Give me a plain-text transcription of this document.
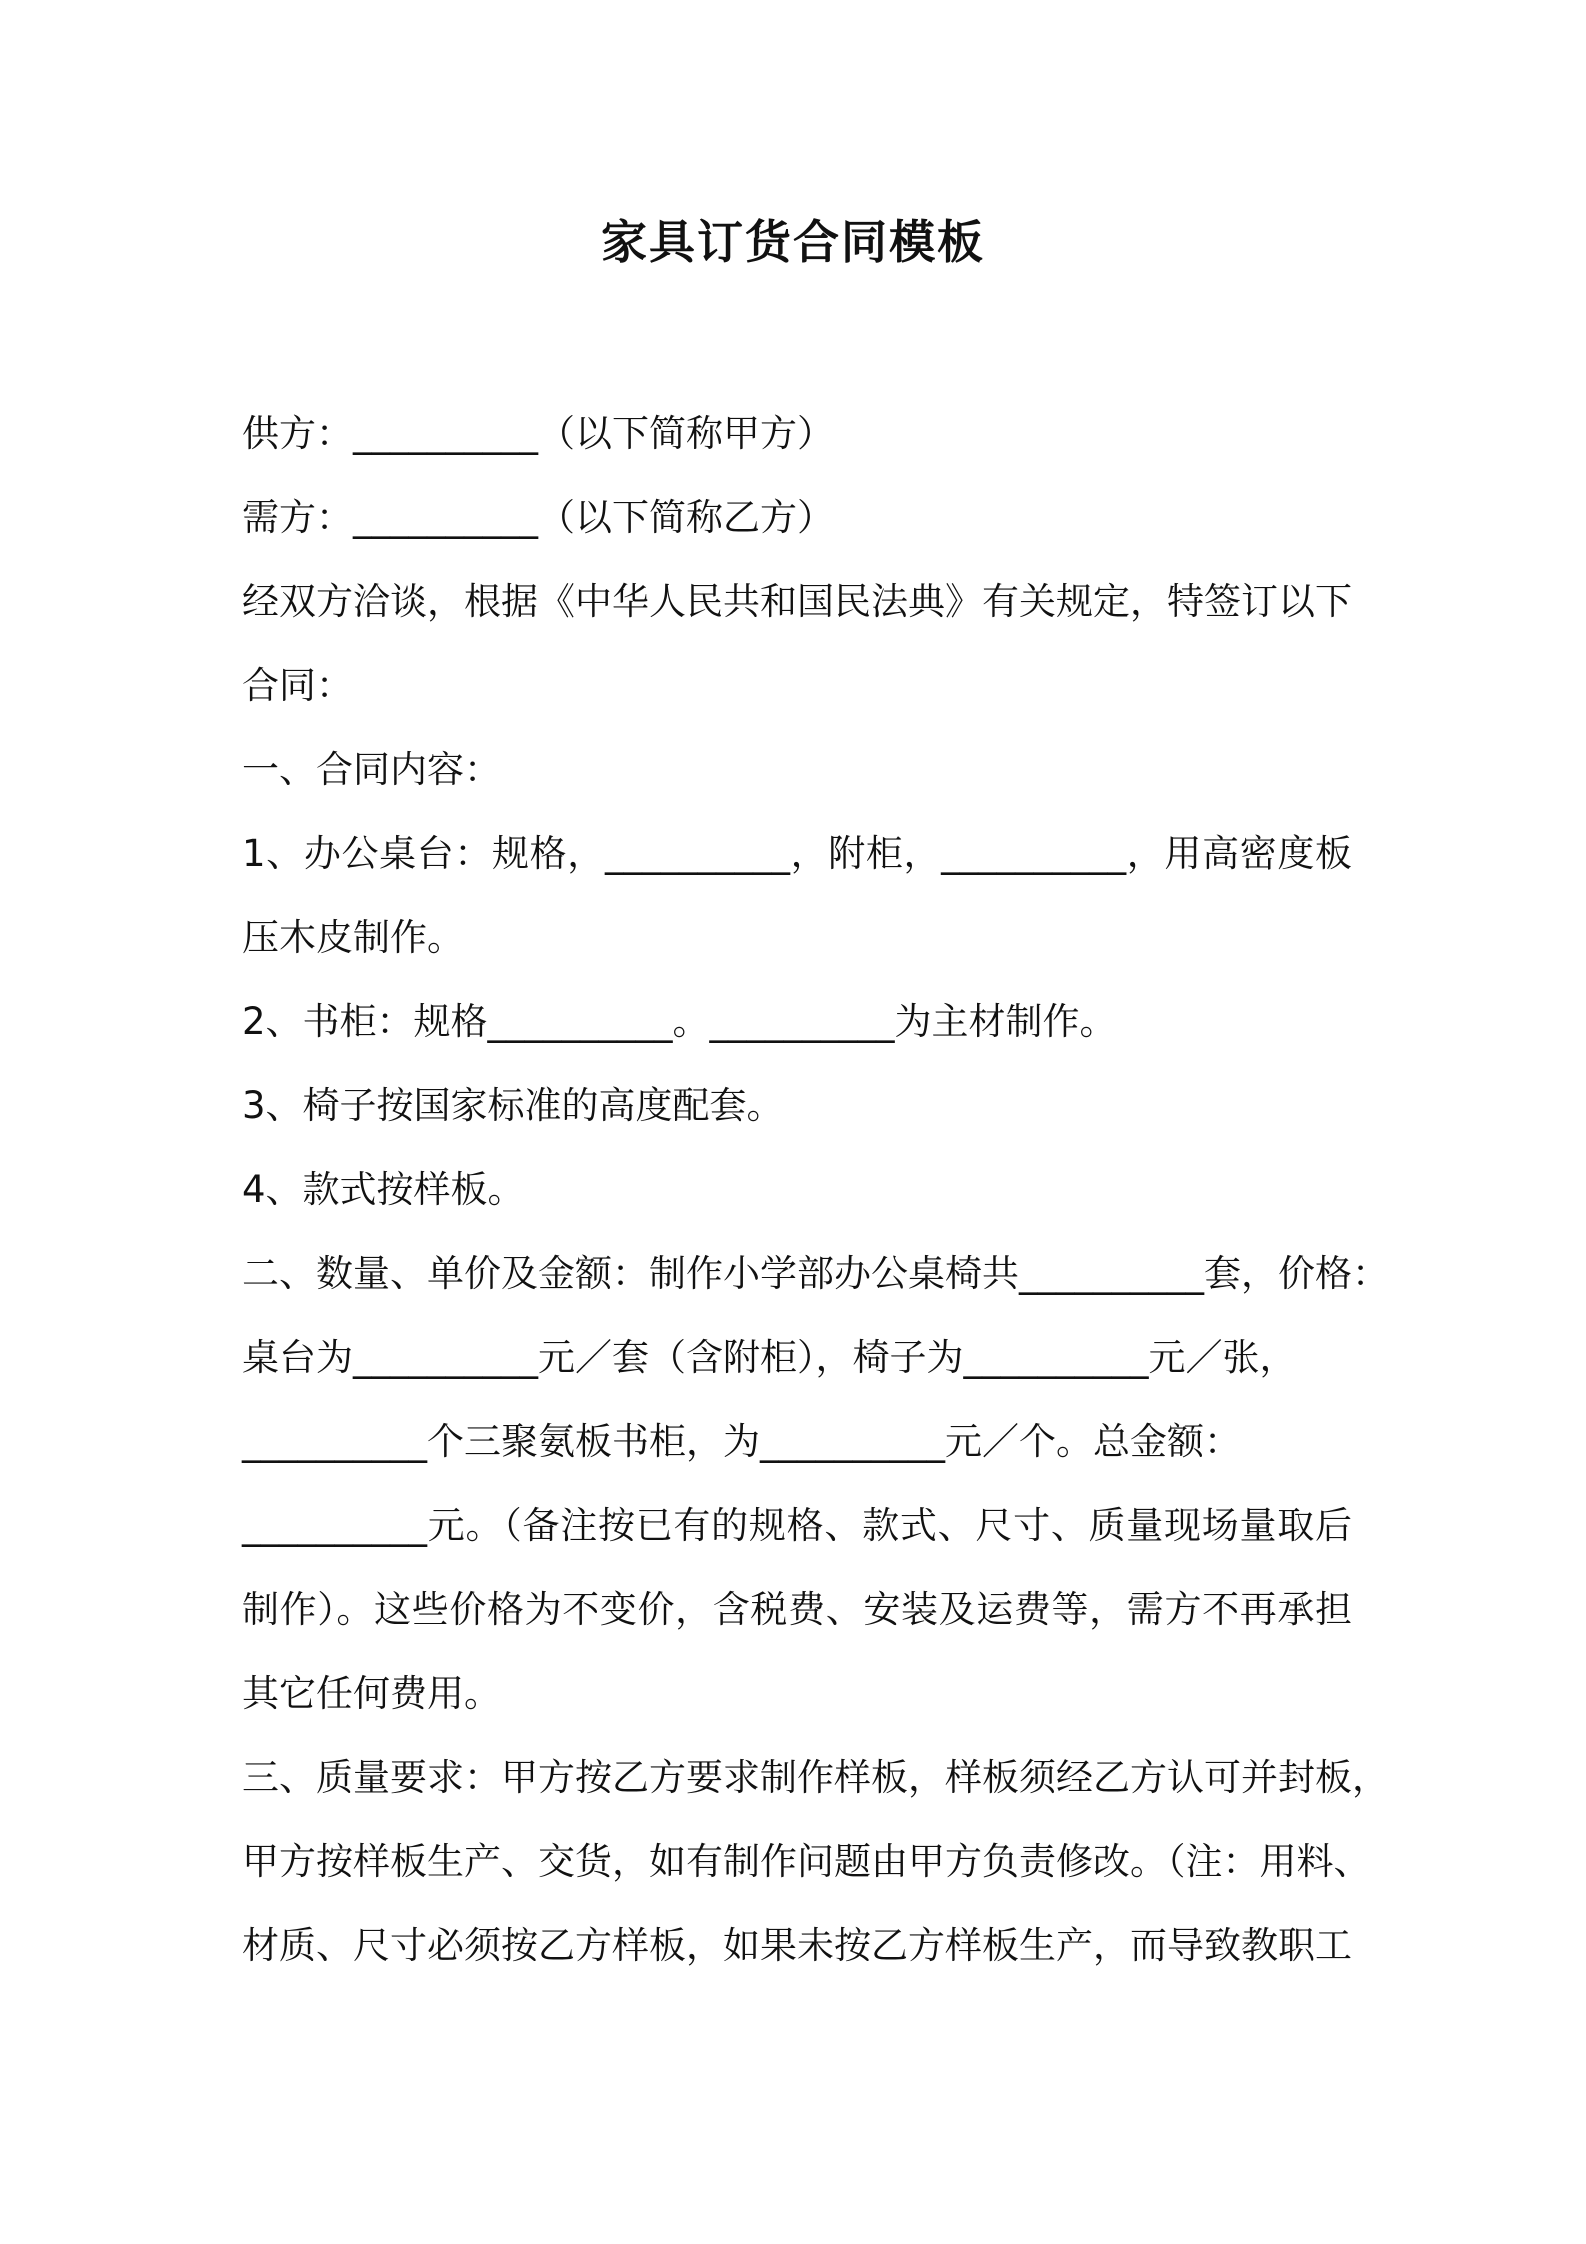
家具订货合同模板
供方：__________（以下简称甲方）
需方：__________（以下简称乙方）
经双方洽谈，根据《中华人民共和国民法典》有关规定，特签订以下
合同：
一、合同内容：
1、办公桌台：规格，__________，附柜，__________，用高密度板
压木皮制作。
2、书柜：规格__________。__________为主材制作。
3、椅子按国家标准的高度配套。
4、款式按样板。
二、数量、单价及金额：制作小学部办公桌椅共__________套，价格：
桌台为__________元／套（含附柜），椅子为__________元／张，
__________个三聚氨板书柜，为__________元／个。总金额：
__________元。（备注按已有的规格、款式、尺寸、质量现场量取后
制作）。这些价格为不变价，含税费、安装及运费等，需方不再承担
其它任何费用。
三、质量要求：甲方按乙方要求制作样板，样板须经乙方认可并封板，
甲方按样板生产、交货，如有制作问题由甲方负责修改。（注：用料、
材质、尺寸必须按乙方样板，如果未按乙方样板生产，而导致教职工
